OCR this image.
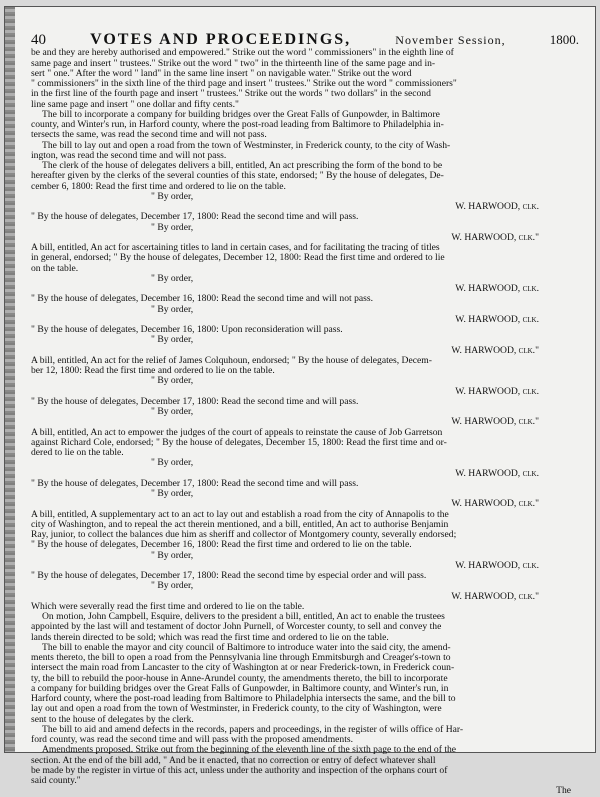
40	VOTES AND PROCEEDINGS,	November Session,	1800.
be and they are hereby authorised and empowered." Strike out the word " commissioners" in the eighth line of
same page and insert " trustees." Strike out the word " two" in the thirteenth line of the same page and in-
sert " one." After the word " land" in the same line insert " on navigable water." Strike out the word
" commissioners" in the sixth line of the third page and insert " trustees." Strike out the word " commissioners"
in the first line of the fourth page and insert " trustees." Strike out the words " two dollars" in the second
line same page and insert " one dollar and fifty cents."
The bill to incorporate a company for building bridges over the Great Falls of Gunpowder, in Baltimore
county, and Winter's run, in Harford county, where the post-road leading from Baltimore to Philadelphia in-
tersects the same, was read the second time and will not pass.
The bill to lay out and open a road from the town of Westminster, in Frederick county, to the city of Wash-
ington, was read the second time and will not pass.
The clerk of the house of delegates delivers a bill, entitled, An act prescribing the form of the bond to be
hereafter given by the clerks of the several counties of this state, endorsed; " By the house of delegates, De-
cember 6, 1800: Read the first time and ordered to lie on the table.
" By order,
W. HARWOOD, clk.
" By the house of delegates, December 17, 1800: Read the second time and will pass.
" By order,
W. HARWOOD, clk."
A bill, entitled, An act for ascertaining titles to land in certain cases, and for facilitating the tracing of titles
in general, endorsed; " By the house of delegates, December 12, 1800: Read the first time and ordered to lie
on the table.
" By order,
W. HARWOOD, clk.
" By the house of delegates, December 16, 1800: Read the second time and will not pass.
" By order,
W. HARWOOD, clk.
" By the house of delegates, December 16, 1800: Upon reconsideration will pass.
" By order,
W. HARWOOD, clk."
A bill, entitled, An act for the relief of James Colquhoun, endorsed; " By the house of delegates, Decem-
ber 12, 1800: Read the first time and ordered to lie on the table.
" By order,
W. HARWOOD, clk.
" By the house of delegates, December 17, 1800: Read the second time and will pass.
" By order,
W. HARWOOD, clk."
A bill, entitled, An act to empower the judges of the court of appeals to reinstate the cause of Job Garretson
against Richard Cole, endorsed; " By the house of delegates, December 15, 1800: Read the first time and or-
dered to lie on the table.
" By order,
W. HARWOOD, clk.
" By the house of delegates, December 17, 1800: Read the second time and will pass.
" By order,
W. HARWOOD, clk."
A bill, entitled, A supplementary act to an act to lay out and establish a road from the city of Annapolis to the
city of Washington, and to repeal the act therein mentioned, and a bill, entitled, An act to authorise Benjamin
Ray, junior, to collect the balances due him as sheriff and collector of Montgomery county, severally endorsed;
" By the house of delegates, December 16, 1800: Read the first time and ordered to lie on the table.
" By order,
W. HARWOOD, clk.
" By the house of delegates, December 17, 1800: Read the second time by especial order and will pass.
" By order,
W. HARWOOD, clk."
Which were severally read the first time and ordered to lie on the table.
On motion, John Campbell, Esquire, delivers to the president a bill, entitled, An act to enable the trustees
appointed by the last will and testament of doctor John Purnell, of Worcester county, to sell and convey the
lands therein directed to be sold; which was read the first time and ordered to lie on the table.
The bill to enable the mayor and city council of Baltimore to introduce water into the said city, the amend-
ments thereto, the bill to open a road from the Pennsylvania line through Emmitsburgh and Creager's-town to
intersect the main road from Lancaster to the city of Washington at or near Frederick-town, in Frederick coun-
ty, the bill to rebuild the poor-house in Anne-Arundel county, the amendments thereto, the bill to incorporate
a company for building bridges over the Great Falls of Gunpowder, in Baltimore county, and Winter's run, in
Harford county, where the post-road leading from Baltimore to Philadelphia intersects the same, and the bill to
lay out and open a road from the town of Westminster, in Frederick county, to the city of Washington, were
sent to the house of delegates by the clerk.
The bill to aid and amend defects in the records, papers and proceedings, in the register of wills office of Har-
ford county, was read the second time and will pass with the proposed amendments.
Amendments proposed. Strike out from the beginning of the eleventh line of the sixth page to the end of the
section. At the end of the bill add, " And be it enacted, that no correction or entry of defect whatever shall
be made by the register in virtue of this act, unless under the authority and inspection of the orphans court of
said county."
The
